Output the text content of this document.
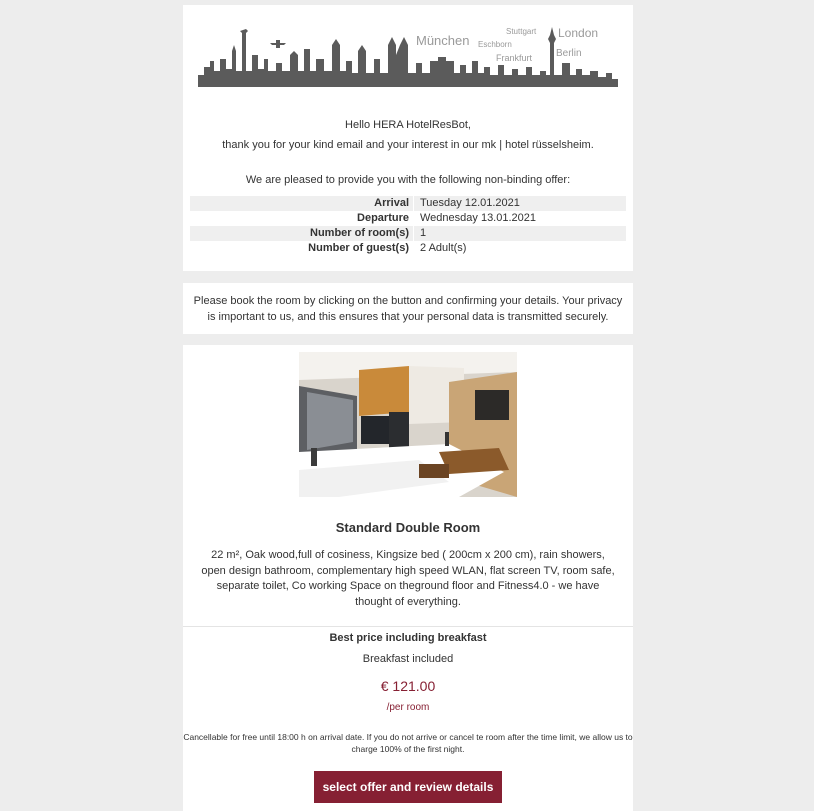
München
Stuttgart London
Eschborn
Frankfurt Berlin
Hello HERA HotelResBot,
thank you for your kind email and your interest in our mk | hotel rüsselsheim.
We are pleased to provide you with the following non-binding offer:
Arrival	Tuesday 12.01.2021
Departure	Wednesday 13.01.2021
Number of room(s)	1
Number of guest(s)	2 Adult(s)
Please book the room by clicking on the button and confirming your details. Your privacy is important to us, and this ensures that your personal data is transmitted securely.
Standard Double Room
22 m², Oak wood,full of cosiness, Kingsize bed ( 200cm x 200 cm), rain showers, open design bathroom, complementary high speed WLAN, flat screen TV, room safe, separate toilet, Co working Space on theground floor and Fitness4.0 - we have thought of everything.
Best price including breakfast
Breakfast included
€ 121.00
/per room
Cancellable for free until 18:00 h on arrival date. If you do not arrive or cancel te room after the time limit, we allow us to charge 100% of the first night.
select offer and review details
